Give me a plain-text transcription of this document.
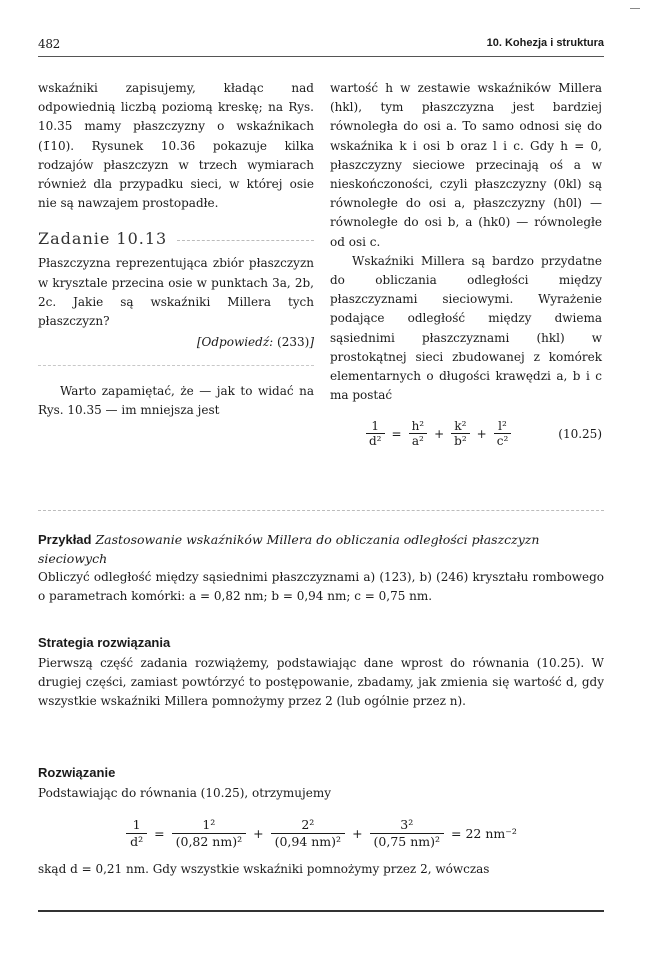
482	10. Kohezja i struktura

wskaźniki zapisujemy, kładąc nad odpowiednią liczbą poziomą kreskę; na Rys. 10.35 mamy płaszczyzny o wskaźnikach (1̄10). Rysunek 10.36 pokazuje kilka rodzajów płaszczyzn w trzech wymiarach również dla przypadku sieci, w której osie nie są nawzajem prostopadłe.

Zadanie 10.13

Płaszczyzna reprezentująca zbiór płaszczyzn w krysztale przecina osie w punktach 3a, 2b, 2c. Jakie są wskaźniki Millera tych płaszczyzn?

[Odpowiedź: (233)]

Warto zapamiętać, że — jak to widać na Rys. 10.35 — im mniejsza jest

wartość h w zestawie wskaźników Millera (hkl), tym płaszczyzna jest bardziej równoległa do osi a. To samo odnosi się do wskaźnika k i osi b oraz l i c. Gdy h = 0, płaszczyzny sieciowe przecinają oś a w nieskończoności, czyli płaszczyzny (0kl) są równoległe do osi a, płaszczyzny (h0l) — równoległe do osi b, a (hk0) — równoległe od osi c.

Wskaźniki Millera są bardzo przydatne do obliczania odległości między płaszczyznami sieciowymi. Wyrażenie podające odległość między dwiema sąsiednimi płaszczyznami (hkl) w prostokątnej sieci zbudowanej z komórek elementarnych o długości krawędzi a, b i c ma postać

$\frac{1}{\text{d²}} = \frac{\text{h²}}{\text{a²}} + \frac{\text{k²}}{\text{b²}} + \frac{\text{l²}}{\text{c²}}$	(10.25)

Przykład Zastosowanie wskaźników Millera do obliczania odległości płaszczyzn sieciowych

Obliczyć odległość między sąsiednimi płaszczyznami a) (123), b) (246) kryształu rombowego o parametrach komórki: a = 0,82 nm; b = 0,94 nm; c = 0,75 nm.

Strategia rozwiązania

Pierwszą część zadania rozwiążemy, podstawiając dane wprost do równania (10.25). W drugiej części, zamiast powtórzyć to postępowanie, zbadamy, jak zmienia się wartość d, gdy wszystkie wskaźniki Millera pomnożymy przez 2 (lub ogólnie przez n).

Rozwiązanie

Podstawiając do równania (10.25), otrzymujemy

$\frac{1}{\text{d²}} = \frac{\text{1²}}{\text{(0,82 nm)²}} + \frac{\text{2²}}{\text{(0,94 nm)²}} + \frac{\text{3²}}{\text{(0,75 nm)²}} = 22$ nm⁻²

skąd d = 0,21 nm. Gdy wszystkie wskaźniki pomnożymy przez 2, wówczas
